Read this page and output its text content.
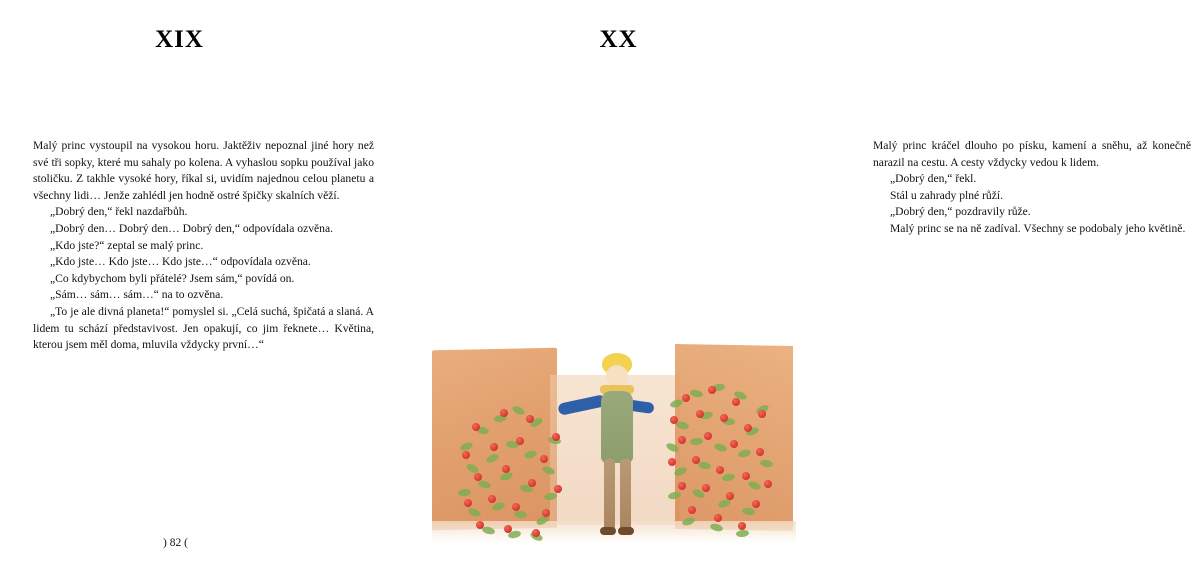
XIX

Malý princ vystoupil na vysokou horu. Jaktěživ nepoznal jiné hory než své tři sopky, které mu sahaly po kolena. A vyhaslou sopku používal jako stoličku. Z takhle vysoké hory, říkal si, uvidím najednou celou planetu a všechny lidi… Jenže zahlédl jen hodně ostré špičky skalních věží.

„Dobrý den,“ řekl nazdařbůh.

„Dobrý den… Dobrý den… Dobrý den,“ odpovídala ozvěna.

„Kdo jste?“ zeptal se malý princ.

„Kdo jste… Kdo jste… Kdo jste…“ odpovídala ozvěna.

„Co kdybychom byli přátelé? Jsem sám,“ povídá on.

„Sám… sám… sám…“ na to ozvěna.

„To je ale divná planeta!“ pomyslel si. „Celá suchá, špičatá a slaná. A lidem tu schází představivost. Jen opakují, co jim řeknete… Květina, kterou jsem měl doma, mluvila vždycky první…“

) 82 (
XX

Malý princ kráčel dlouho po písku, kamení a sněhu, až konečně narazil na cestu. A cesty vždycky vedou k lidem.

„Dobrý den,“ řekl.

Stál u zahrady plné růží.

„Dobrý den,“ pozdravily růže.

Malý princ se na ně zadíval. Všechny se podobaly jeho květině.
